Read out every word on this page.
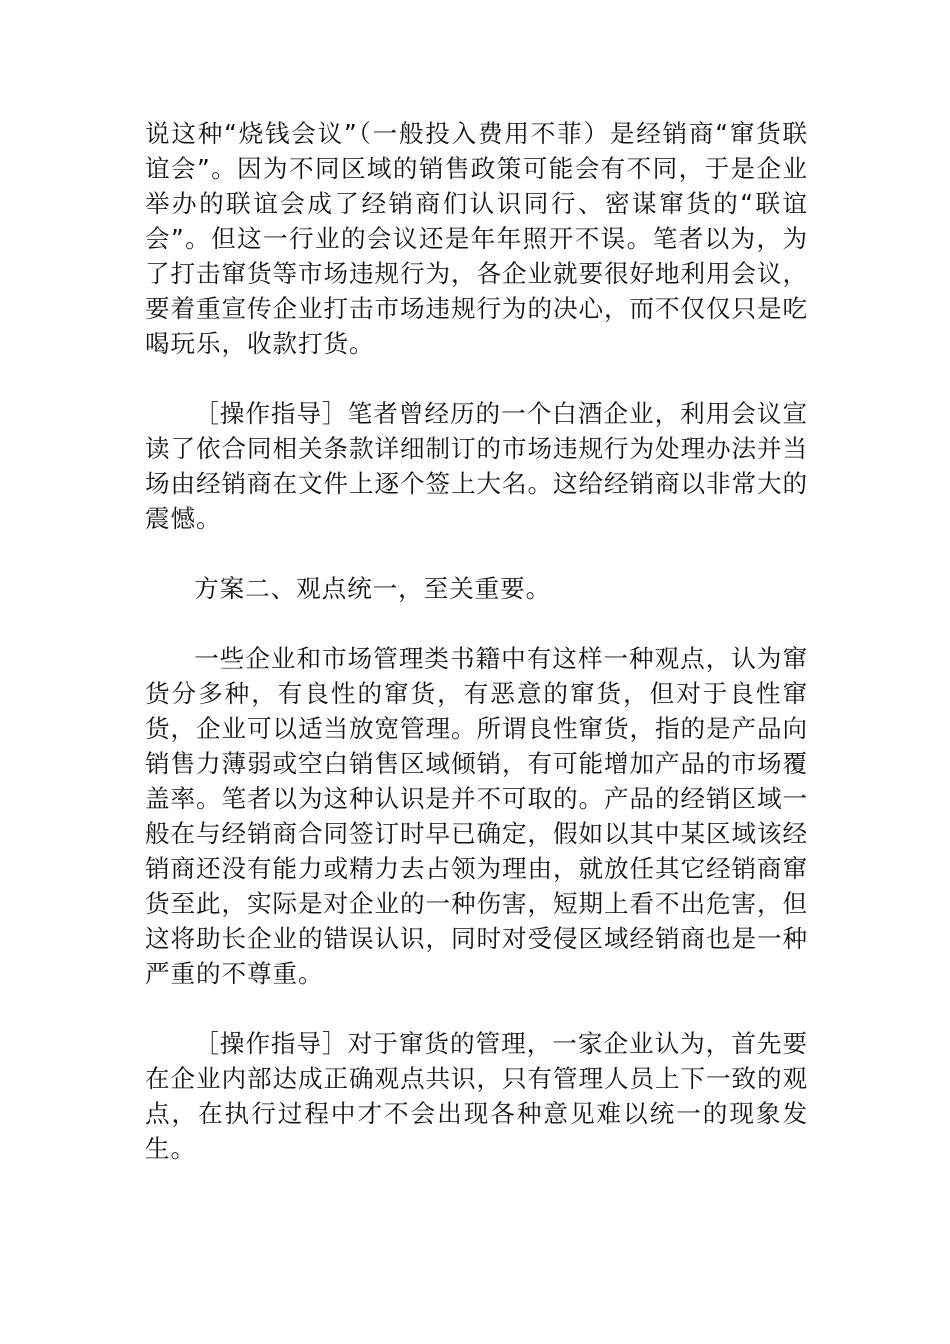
说这种“烧钱会议”（一般投入费用不菲）是经销商“窜货联谊会”。因为不同区域的销售政策可能会有不同，于是企业举办的联谊会成了经销商们认识同行、密谋窜货的“联谊会”。但这一行业的会议还是年年照开不误。笔者以为，为了打击窜货等市场违规行为，各企业就要很好地利用会议，要着重宣传企业打击市场违规行为的决心，而不仅仅只是吃喝玩乐，收款打货。

［操作指导］笔者曾经历的一个白酒企业，利用会议宣读了依合同相关条款详细制订的市场违规行为处理办法并当场由经销商在文件上逐个签上大名。这给经销商以非常大的震憾。

方案二、观点统一，至关重要。

一些企业和市场管理类书籍中有这样一种观点，认为窜货分多种，有良性的窜货，有恶意的窜货，但对于良性窜货，企业可以适当放宽管理。所谓良性窜货，指的是产品向销售力薄弱或空白销售区域倾销，有可能增加产品的市场覆盖率。笔者以为这种认识是并不可取的。产品的经销区域一般在与经销商合同签订时早已确定，假如以其中某区域该经销商还没有能力或精力去占领为理由，就放任其它经销商窜货至此，实际是对企业的一种伤害，短期上看不出危害，但这将助长企业的错误认识，同时对受侵区域经销商也是一种严重的不尊重。

［操作指导］对于窜货的管理，一家企业认为，首先要在企业内部达成正确观点共识，只有管理人员上下一致的观点，在执行过程中才不会出现各种意见难以统一的现象发生。
